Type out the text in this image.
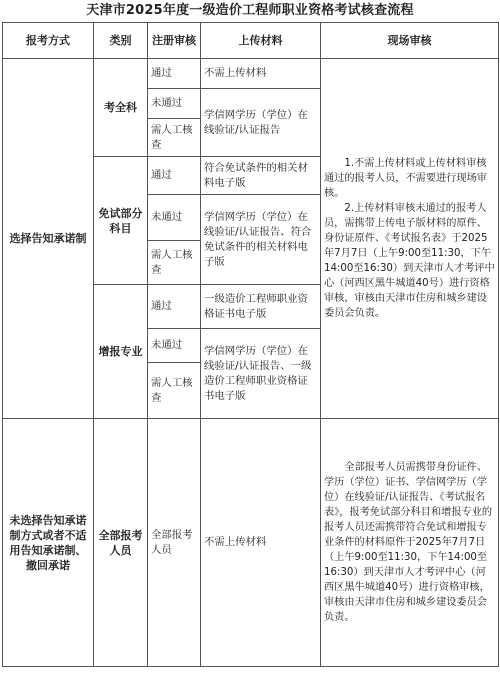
天津市2025年度一级造价工程师职业资格考试核查流程
报考方式	类别	注册审核	上传材料	现场审核
选择告知承诺制	考全科	通过	不需上传材料	1.不需上传材料或上传材料审核通过的报考人员，不需要进行现场审核。

2.上传材料审核未通过的报考人员，需携带上传电子版材料的原件、身份证原件、《考试报名表》于2025年7月7日（上午9:00至11:30，下午14:00至16:30）到天津市人才考评中心（河西区黑牛城道40号）进行资格审核，审核由天津市住房和城乡建设委员会负责。

		未通过	学信网学历（学位）在线验证/认证报告	
		需人工核查		
	免试部分科目	通过	符合免试条件的相关材料电子版	
		未通过	学信网学历（学位）在线验证/认证报告、符合免试条件的相关材料电子版	
		需人工核查		
	增报专业	通过	一级造价工程师职业资格证书电子版	
		未通过	学信网学历（学位）在线验证/认证报告、一级造价工程师职业资格证书电子版	
		需人工核查		
未选择告知承诺制方式或者不适用告知承诺制、撤回承诺	全部报考人员	全部报考人员	不需上传材料	全部报考人员需携带身份证件、学历（学位）证书、学信网学历（学位）在线验证/认证报告、《考试报名表》，报考免试部分科目和增报专业的报考人员还需携带符合免试和增报专业条件的材料原件于2025年7月7日（上午9:00至11:30，下午14:00至16:30）到天津市人才考评中心（河西区黑牛城道40号）进行资格审核，审核由天津市住房和城乡建设委员会负责。
